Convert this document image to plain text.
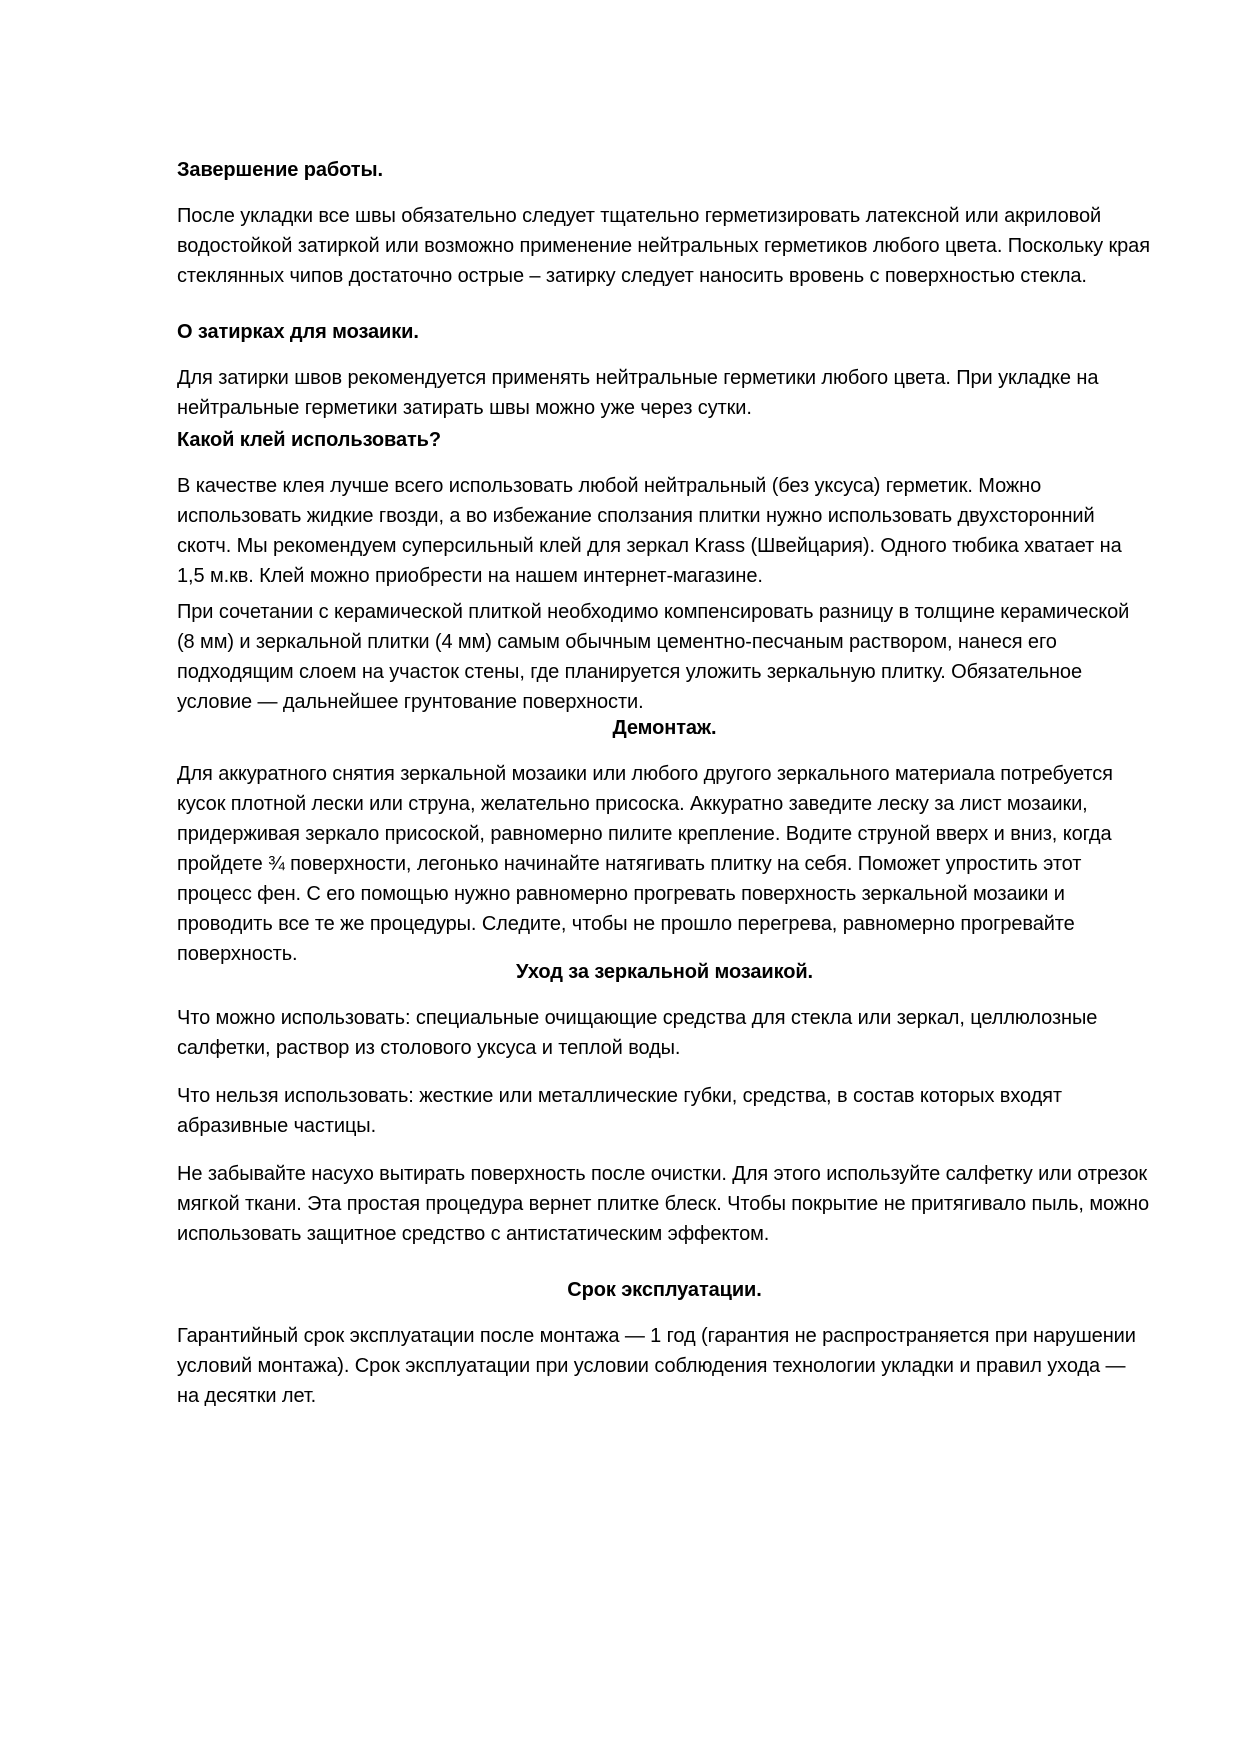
Завершение работы.
После укладки все швы обязательно следует тщательно герметизировать латексной или акриловой водостойкой затиркой или возможно применение нейтральных герметиков любого цвета. Поскольку края стеклянных чипов достаточно острые – затирку следует наносить вровень с поверхностью стекла.
О затирках для мозаики.
Для затирки швов рекомендуется применять нейтральные герметики любого цвета. При укладке на нейтральные герметики затирать швы можно уже через сутки.
Какой клей использовать?
В качестве клея лучше всего использовать любой нейтральный (без уксуса) герметик. Можно использовать жидкие гвозди, а во избежание сползания плитки нужно использовать двухсторонний скотч. Мы рекомендуем суперсильный клей для зеркал Krass (Швейцария). Одного тюбика хватает на 1,5 м.кв. Клей можно приобрести на нашем интернет-магазине.
При сочетании с керамической плиткой необходимо компенсировать разницу в толщине керамической (8 мм) и зеркальной плитки (4 мм) самым обычным цементно-песчаным раствором, нанеся его подходящим слоем на участок стены, где планируется уложить зеркальную плитку. Обязательное условие — дальнейшее грунтование поверхности.
Демонтаж.
Для аккуратного снятия зеркальной мозаики или любого другого зеркального материала потребуется кусок плотной лески или струна, желательно присоска. Аккуратно заведите леску за лист мозаики, придерживая зеркало присоской, равномерно пилите крепление. Водите струной вверх и вниз, когда пройдете ¾ поверхности, легонько начинайте натягивать плитку на себя. Поможет упростить этот процесс фен. С его помощью нужно равномерно прогревать поверхность зеркальной мозаики и проводить все те же процедуры. Следите, чтобы не прошло перегрева, равномерно прогревайте поверхность.
Уход за зеркальной мозаикой.
Что можно использовать: специальные очищающие средства для стекла или зеркал, целлюлозные салфетки, раствор из столового уксуса и теплой воды.
Что нельзя использовать: жесткие или металлические губки, средства, в состав которых входят абразивные частицы.
Не забывайте насухо вытирать поверхность после очистки. Для этого используйте салфетку или отрезок мягкой ткани. Эта простая процедура вернет плитке блеск. Чтобы покрытие не притягивало пыль, можно использовать защитное средство с антистатическим эффектом.
Срок эксплуатации.
Гарантийный срок эксплуатации после монтажа — 1 год (гарантия не распространяется при нарушении условий монтажа). Срок эксплуатации при условии соблюдения технологии укладки и правил ухода — на десятки лет.
